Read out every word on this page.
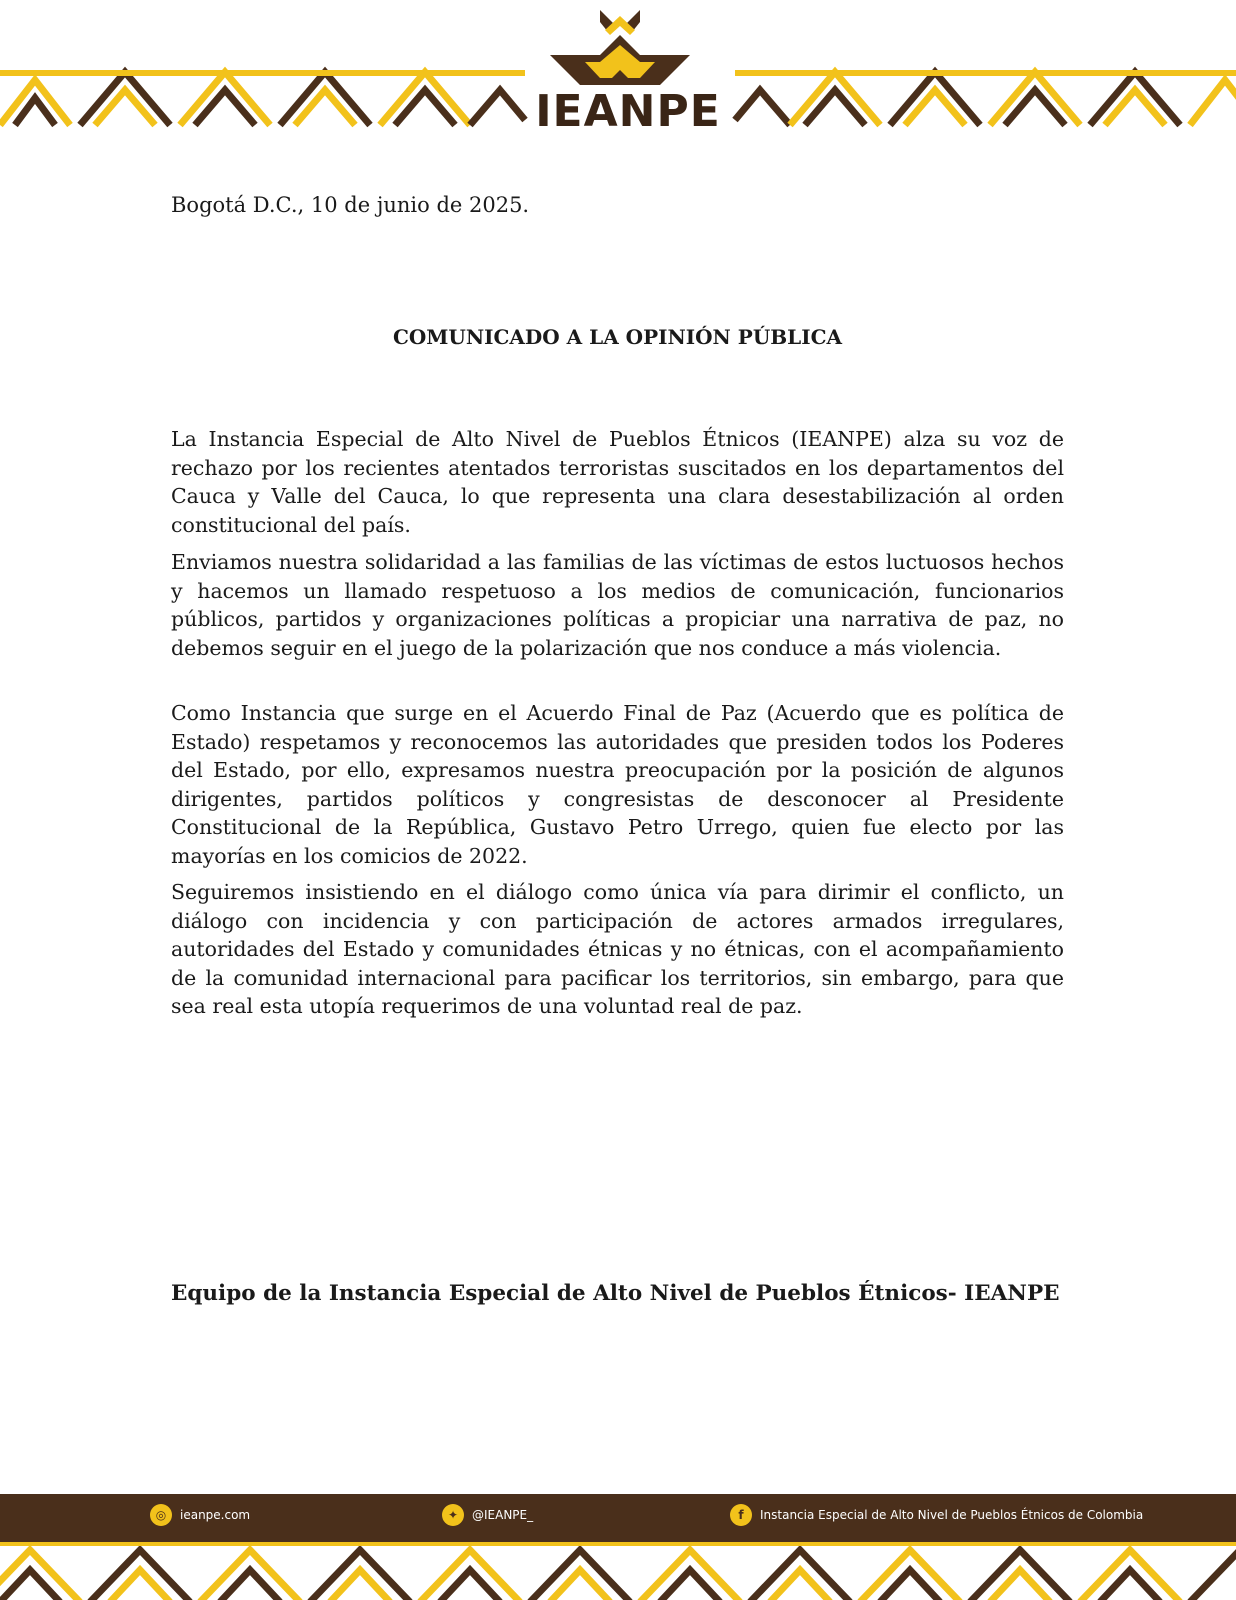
IEANPE
Bogotá D.C., 10 de junio de 2025.
COMUNICADO A LA OPINIÓN PÚBLICA
La Instancia Especial de Alto Nivel de Pueblos Étnicos (IEANPE) alza su voz de rechazo por los recientes atentados terroristas suscitados en los departamentos del Cauca y Valle del Cauca, lo que representa una clara desestabilización al orden constitucional del país.
Enviamos nuestra solidaridad a las familias de las víctimas de estos luctuosos hechos y hacemos un llamado respetuoso a los medios de comunicación, funcionarios públicos, partidos y organizaciones políticas a propiciar una narrativa de paz, no debemos seguir en el juego de la polarización que nos conduce a más violencia.
Como Instancia que surge en el Acuerdo Final de Paz (Acuerdo que es política de Estado) respetamos y reconocemos las autoridades que presiden todos los Poderes del Estado, por ello, expresamos nuestra preocupación por la posición de algunos dirigentes, partidos políticos y congresistas de desconocer al Presidente Constitucional de la República, Gustavo Petro Urrego, quien fue electo por las mayorías en los comicios de 2022.
Seguiremos insistiendo en el diálogo como única vía para dirimir el conflicto, un diálogo con incidencia y con participación de actores armados irregulares, autoridades del Estado y comunidades étnicas y no étnicas, con el acompañamiento de la comunidad internacional para pacificar los territorios, sin embargo, para que sea real esta utopía requerimos de una voluntad real de paz.
Equipo de la Instancia Especial de Alto Nivel de Pueblos Étnicos- IEANPE
◎	ieanpe.com	✦	@IEANPE_	f	Instancia Especial de Alto Nivel de Pueblos Étnicos de Colombia
